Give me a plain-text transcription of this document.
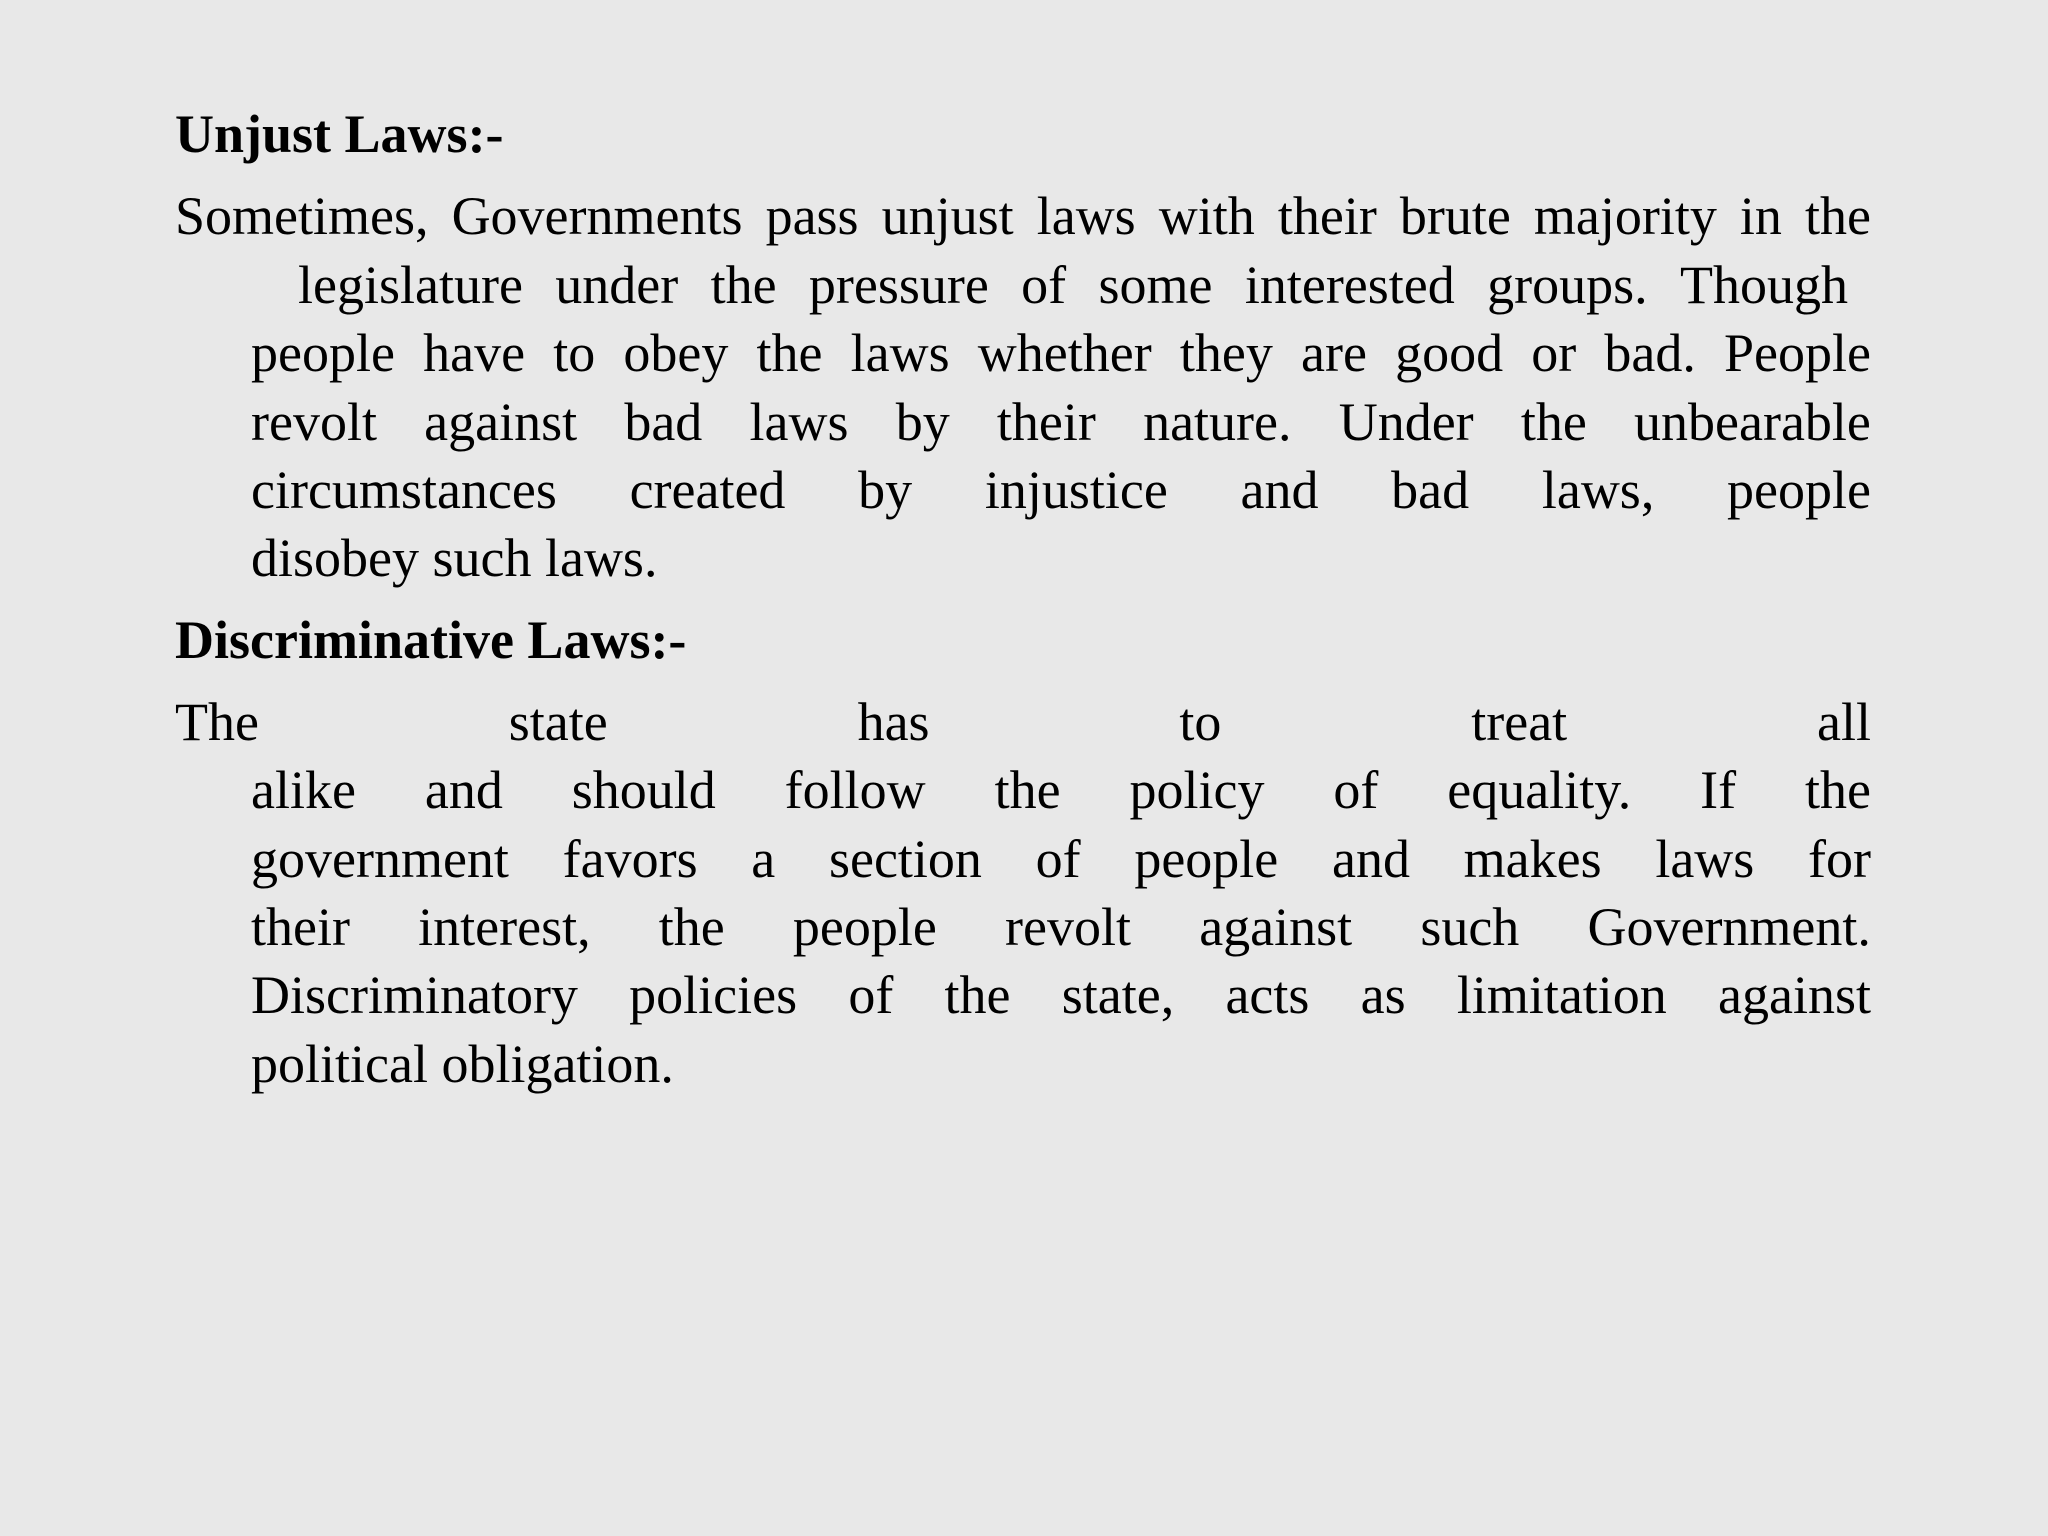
Unjust Laws:-
Sometimes, Governments pass unjust laws with their brute majority in the
legislature under the pressure of some interested groups. Though
people have to obey the laws whether they are good or bad. People
revolt against bad laws by their nature. Under the unbearable
circumstances created by injustice and bad laws, people
disobey such laws.
Discriminative Laws:-
The	state	has	to	treat	all
alike and should follow the policy of equality. If the
government favors a section of people and makes laws for
their interest, the people revolt against such Government.
Discriminatory policies of the state, acts as limitation against
political obligation.
